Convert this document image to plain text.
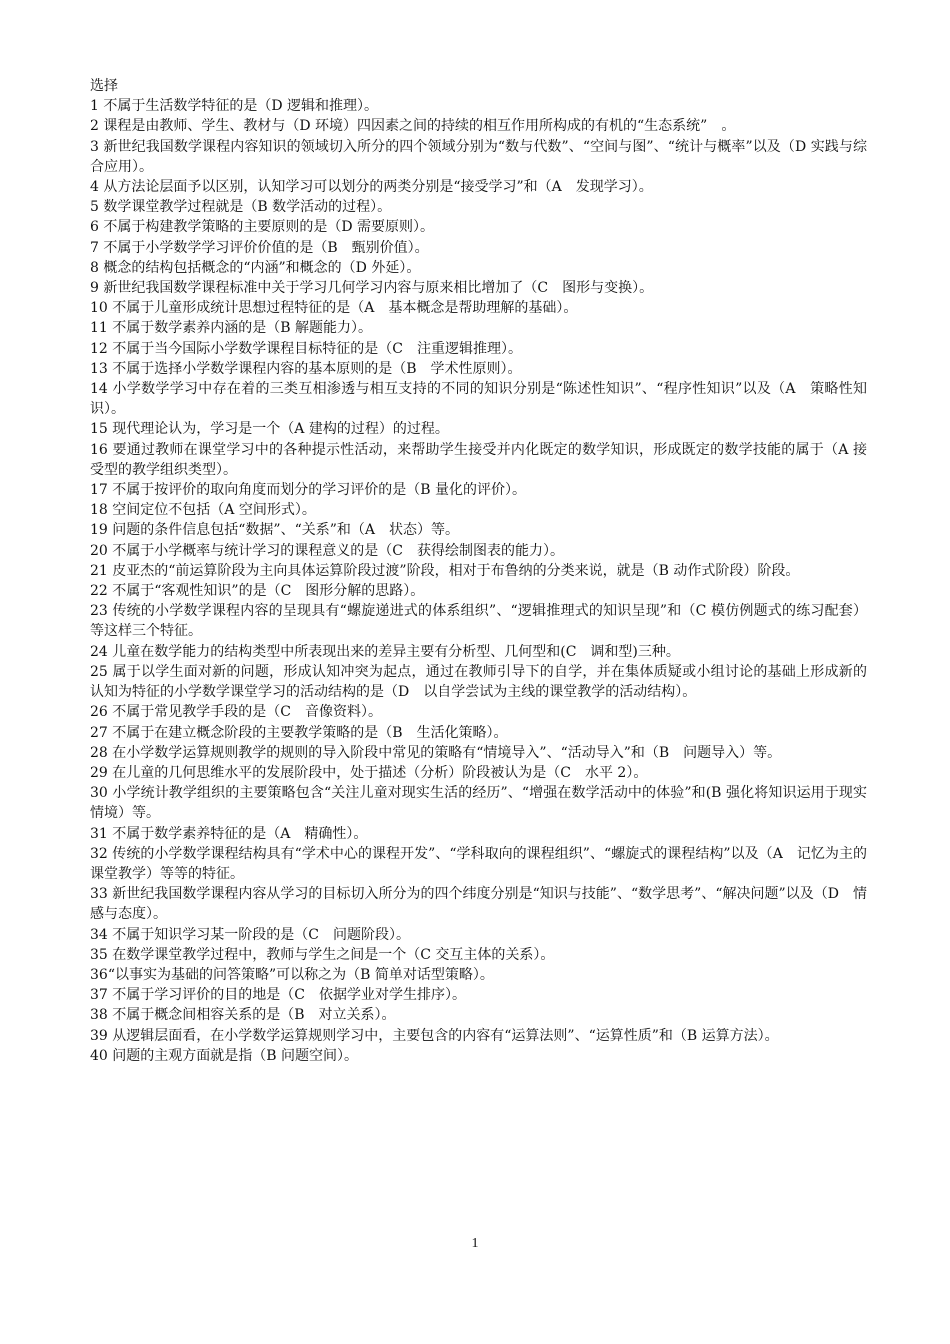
选择

1 不属于生活数学特征的是（D 逻辑和推理）。

2 课程是由教师、学生、教材与（D 环境）四因素之间的持续的相互作用所构成的有机的“生态系统”　。

3 新世纪我国数学课程内容知识的领域切入所分的四个领域分别为“数与代数”、“空间与图”、“统计与概率”以及（D 实践与综合应用）。

4 从方法论层面予以区别，认知学习可以划分的两类分别是“接受学习”和（A　发现学习）。

5 数学课堂教学过程就是（B 数学活动的过程）。

6 不属于构建教学策略的主要原则的是（D 需要原则）。

7 不属于小学数学学习评价价值的是（B　甄别价值）。

8 概念的结构包括概念的“内涵”和概念的（D 外延）。

9 新世纪我国数学课程标准中关于学习几何学习内容与原来相比增加了（C　图形与变换）。

10 不属于儿童形成统计思想过程特征的是（A　基本概念是帮助理解的基础）。

11 不属于数学素养内涵的是（B 解题能力）。

12 不属于当今国际小学数学课程目标特征的是（C　注重逻辑推理）。

13 不属于选择小学数学课程内容的基本原则的是（B　学术性原则）。

14 小学数学学习中存在着的三类互相渗透与相互支持的不同的知识分别是“陈述性知识”、“程序性知识”以及（A　策略性知识）。

15 现代理论认为，学习是一个（A 建构的过程）的过程。

16 要通过教师在课堂学习中的各种提示性活动，来帮助学生接受并内化既定的数学知识，形成既定的数学技能的属于（A 接受型的教学组织类型）。

17 不属于按评价的取向角度而划分的学习评价的是（B 量化的评价）。

18 空间定位不包括（A 空间形式）。

19 问题的条件信息包括“数据”、“关系”和（A　状态）等。

20 不属于小学概率与统计学习的课程意义的是（C　获得绘制图表的能力）。

21 皮亚杰的“前运算阶段为主向具体运算阶段过渡”阶段，相对于布鲁纳的分类来说，就是（B 动作式阶段）阶段。

22 不属于“客观性知识”的是（C　图形分解的思路）。

23 传统的小学数学课程内容的呈现具有“螺旋递进式的体系组织”、“逻辑推理式的知识呈现”和（C 模仿例题式的练习配套）等这样三个特征。

24 儿童在数学能力的结构类型中所表现出来的差异主要有分析型、几何型和(C　调和型)三种。

25 属于以学生面对新的问题，形成认知冲突为起点，通过在教师引导下的自学，并在集体质疑或小组讨论的基础上形成新的认知为特征的小学数学课堂学习的活动结构的是（D　以自学尝试为主线的课堂教学的活动结构）。

26 不属于常见教学手段的是（C　音像资料）。

27 不属于在建立概念阶段的主要教学策略的是（B　生活化策略）。

28 在小学数学运算规则教学的规则的导入阶段中常见的策略有“情境导入”、“活动导入”和（B　问题导入）等。

29 在儿童的几何思维水平的发展阶段中，处于描述（分析）阶段被认为是（C　水平 2）。

30 小学统计教学组织的主要策略包含“关注儿童对现实生活的经历”、“增强在数学活动中的体验”和(B 强化将知识运用于现实情境）等。

31 不属于数学素养特征的是（A　精确性）。

32 传统的小学数学课程结构具有“学术中心的课程开发”、“学科取向的课程组织”、“螺旋式的课程结构”以及（A　记忆为主的课堂教学）等等的特征。

33 新世纪我国数学课程内容从学习的目标切入所分为的四个纬度分别是“知识与技能”、“数学思考”、“解决问题”以及（D　情感与态度）。

34 不属于知识学习某一阶段的是（C　问题阶段）。

35 在数学课堂教学过程中，教师与学生之间是一个（C 交互主体的关系）。

36“以事实为基础的问答策略”可以称之为（B 简单对话型策略）。

37 不属于学习评价的目的地是（C　依据学业对学生排序）。

38 不属于概念间相容关系的是（B　对立关系）。

39 从逻辑层面看，在小学数学运算规则学习中，主要包含的内容有“运算法则”、“运算性质”和（B 运算方法）。

40 问题的主观方面就是指（B 问题空间）。

1
